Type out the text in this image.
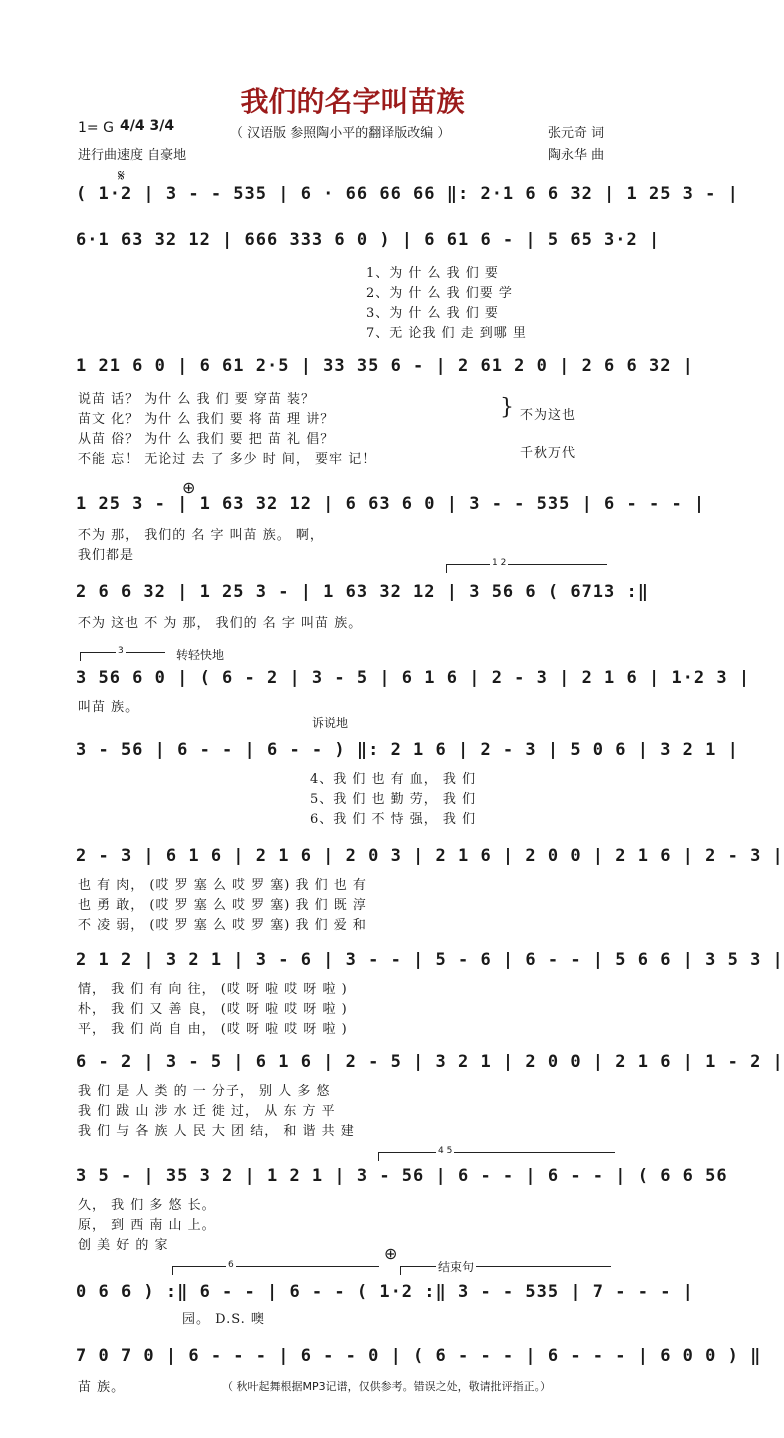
我们的名字叫苗族
1= G 4/4 3/4	（ 汉语版 参照陶小平的翻译版改编 ）	张元奇 词
进行曲速度 自豪地	陶永华 曲
𝄋
( 1·2 | 3 - - 535 | 6 · 66 66 66 ‖: 2·1 6 6 32 | 1 25 3 - |
6·1 63 32 12 | 666 333 6 0 ) | 6 61 6 - | 5 65 3·2 |
1、为 什 么 我 们 要
2、为 什 么 我 们要 学
3、为 什 么 我 们 要
7、无 论我 们 走 到哪 里
1 21 6 0 | 6 61 2·5 | 33 35 6 - | 2 61 2 0 | 2 6 6 32 |
说苗 话？ 为什 么 我 们 要 穿苗 装？
苗文 化？ 为什 么 我们 要 将 苗 理 讲？
从苗 俗？ 为什 么 我们 要 把 苗 礼 倡？
不能 忘！ 无论过 去 了 多少 时 间， 要牢 记！
} 不为这也
千秋万代
⊕
1 25 3 - | 1 63 32 12 | 6 63 6 0 | 3 - - 535 | 6 - - - |
不为 那， 我们的 名 字 叫苗 族。 啊，
我们都是	1 2
2 6 6 32 | 1 25 3 - | 1 63 32 12 | 3 56 6 ( 6713 :‖
不为 这也 不 为 那， 我们的 名 字 叫苗 族。
3	转轻快地
3 56 6 0 | ( 6 - 2 | 3 - 5 | 6 1 6 | 2 - 3 | 2 1 6 | 1·2 3 |
叫苗 族。
诉说地
3 - 56 | 6 - - | 6 - - ) ‖: 2 1 6 | 2 - 3 | 5 0 6 | 3 2 1 |
4、我 们 也 有 血， 我 们
5、我 们 也 勤 劳， 我 们
6、我 们 不 恃 强， 我 们
2 - 3 | 6 1 6 | 2 1 6 | 2 0 3 | 2 1 6 | 2 0 0 | 2 1 6 | 2 - 3 |
也 有 肉， (哎 罗 塞 么 哎 罗 塞) 我 们 也 有
也 勇 敢， (哎 罗 塞 么 哎 罗 塞) 我 们 既 淳
不 凌 弱， (哎 罗 塞 么 哎 罗 塞) 我 们 爱 和
2 1 2 | 3 2 1 | 3 - 6 | 3 - - | 5 - 6 | 6 - - | 5 6 6 | 3 5 3 |
情， 我 们 有 向 往， (哎 呀 啦 哎 呀 啦 )
朴， 我 们 又 善 良， (哎 呀 啦 哎 呀 啦 )
平， 我 们 尚 自 由， (哎 呀 啦 哎 呀 啦 )
6 - 2 | 3 - 5 | 6 1 6 | 2 - 5 | 3 2 1 | 2 0 0 | 2 1 6 | 1 - 2 |
我 们 是 人 类 的 一 分子， 别 人 多 悠
我 们 跋 山 涉 水 迁 徙 过， 从 东 方 平
我 们 与 各 族 人 民 大 团 结， 和 谐 共 建
4 5
3 5 - | 35 3 2 | 1 2 1 | 3 - 56 | 6 - - | 6 - - | ( 6 6 56
久， 我 们 多 悠 长。
原， 到 西 南 山 上。
创 美 好 的 家	⊕
6	结束句
0 6 6 ) :‖ 6 - - | 6 - - ( 1·2 :‖ 3 - - 535 | 7 - - - |
园。 D.S. 噢
7 0 7 0 | 6 - - - | 6 - - 0 | ( 6 - - - | 6 - - - | 6 0 0 ) ‖
苗 族。	（ 秋叶起舞根据MP3记谱，仅供参考。错误之处，敬请批评指正。）
